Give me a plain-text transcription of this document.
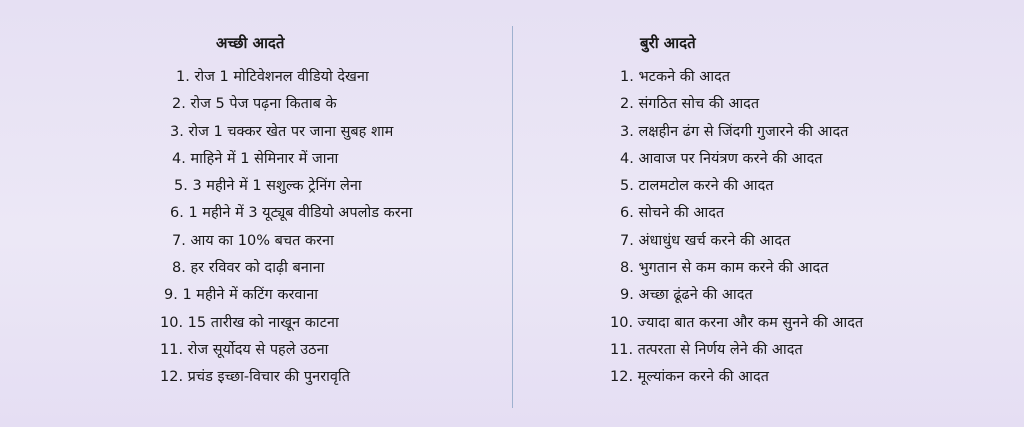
अच्छी आदते
1. रोज 1 मोटिवेशनल वीडियो देखना
2. रोज 5 पेज पढ़ना किताब के
3. रोज 1 चक्कर खेत पर जाना सुबह शाम
4. माहिने में 1 सेमिनार में जाना
5. 3 महीने में 1 सशुल्क ट्रेनिंग लेना
6. 1 महीने में 3 यूट्यूब वीडियो अपलोड करना
7. आय का 10% बचत करना
8. हर रविवर को दाढ़ी बनाना
9. 1 महीने में कटिंग करवाना
10. 15 तारीख को नाखून काटना
11. रोज सूर्योदय से पहले उठना
12. प्रचंड इच्छा-विचार की पुनरावृति
बुरी आदते
1. भटकने की आदत
2. संगठित सोच की आदत
3. लक्षहीन ढंग से जिंदगी गुजारने की आदत
4. आवाज पर नियंत्रण करने की आदत
5. टालमटोल करने की आदत
6. सोचने की आदत
7. अंधाधुंध खर्च करने की आदत
8. भुगतान से कम काम करने की आदत
9. अच्छा ढूंढने की आदत
10. ज्यादा बात करना और कम सुनने की आदत
11. तत्परता से निर्णय लेने की आदत
12. मूल्यांकन करने की आदत
